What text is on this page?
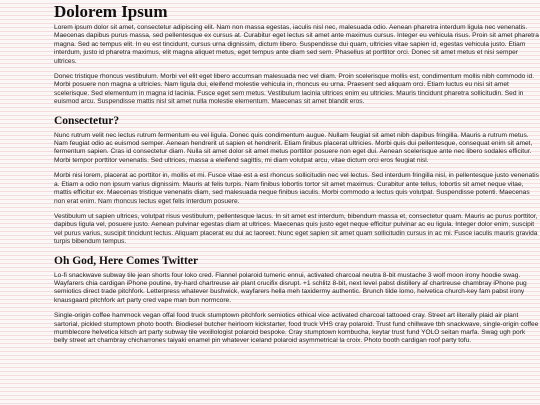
Dolorem Ipsum

Lorem ipsum dolor sit amet, consectetur adipiscing elit. Nam non massa egestas, iaculis nisl nec, malesuada odio. Aenean pharetra interdum ligula nec venenatis. Maecenas dapibus purus massa, sed pellentesque ex cursus at. Curabitur eget lectus sit amet ante maximus cursus. Integer eu vehicula risus. Proin sit amet pharetra magna. Sed ac tempus elit. In eu est tincidunt, cursus urna dignissim, dictum libero. Suspendisse dui quam, ultricies vitae sapien id, egestas vehicula justo. Etiam interdum, justo id pharetra maximus, elit magna aliquet metus, eget tempus ante diam sed sem. Phasellus at porttitor orci. Donec sit amet metus et nisi semper ultrices.

Donec tristique rhoncus vestibulum. Morbi vel elit eget libero accumsan malesuada nec vel diam. Proin scelerisque mollis est, condimentum mollis nibh commodo id. Morbi posuere non magna a ultricies. Nam ligula dui, eleifend molestie vehicula in, rhoncus eu urna. Praesent sed aliquam orci. Etiam luctus eu nisi sit amet scelerisque. Sed elementum in magna id lacinia. Fusce eget sem metus. Vestibulum lacinia ultrices enim eu ultricies. Mauris tincidunt pharetra sollicitudin. Sed in euismod arcu. Suspendisse mattis nisl sit amet nulla molestie elementum. Maecenas sit amet blandit eros.

Consectetur?

Nunc rutrum velit nec lectus rutrum fermentum eu vel ligula. Donec quis condimentum augue. Nullam feugiat sit amet nibh dapibus fringilla. Mauris a rutrum metus. Nam feugiat odio ac euismod semper. Aenean hendrerit ut sapien et hendrerit. Etiam finibus placerat ultricies. Morbi quis dui pellentesque, consequat enim sit amet, fermentum sapien. Cras id consectetur diam. Nulla sit amet dolor sit amet metus porttitor posuere non eget dui. Aenean scelerisque ante nec libero sodales efficitur. Morbi tempor porttitor venenatis. Sed ultrices, massa a eleifend sagittis, mi diam volutpat arcu, vitae dictum orci eros feugiat nisl.

Morbi nisi lorem, placerat ac porttitor in, mollis et mi. Fusce vitae est a est rhoncus sollicitudin nec vel lectus. Sed interdum fringilla nisl, in pellentesque justo venenatis a. Etiam a odio non ipsum varius dignissim. Mauris at felis turpis. Nam finibus lobortis tortor sit amet maximus. Curabitur ante tellus, lobortis sit amet neque vitae, mattis efficitur ex. Maecenas tristique venenatis diam, sed malesuada neque finibus iaculis. Morbi commodo a lectus quis volutpat. Suspendisse potenti. Maecenas non erat enim. Nam rhoncus lectus eget felis interdum posuere.

Vestibulum ut sapien ultrices, volutpat risus vestibulum, pellentesque lacus. In sit amet est interdum, bibendum massa et, consectetur quam. Mauris ac purus porttitor, dapibus ligula vel, posuere justo. Aenean pulvinar egestas diam at ultrices. Maecenas quis justo eget neque efficitur pulvinar ac eu ligula. Integer dolor enim, suscipit vel purus varius, suscipit tincidunt lectus. Aliquam placerat eu dui ac laoreet. Nunc eget sapien sit amet quam sollicitudin cursus in ac mi. Fusce iaculis mauris gravida turpis bibendum tempus.

Oh God, Here Comes Twitter

Lo-fi snackwave subway tile jean shorts four loko cred. Flannel polaroid tumeric ennui, activated charcoal neutra 8-bit mustache 3 wolf moon irony hoodie swag. Wayfarers chia cardigan iPhone poutine, try-hard chartreuse air plant crucifix disrupt. +1 schlitz 8-bit, next level pabst distillery af chartreuse chambray iPhone pug semiotics direct trade pitchfork. Letterpress whatever bushwick, wayfarers hella meh taxidermy authentic. Brunch tilde lomo, helvetica church-key fam pabst irony knausgaard pitchfork art party cred vape man bun normcore.

Single-origin coffee hammock vegan offal food truck stumptown pitchfork semiotics ethical vice activated charcoal tattooed cray. Street art literally plaid air plant sartorial, pickled stumptown photo booth. Biodiesel butcher heirloom kickstarter, food truck VHS cray polaroid. Trust fund chillwave tbh snackwave, single-origin coffee mumblecore helvetica kitsch art party subway tile vexillologist polaroid bespoke. Cray stumptown kombucha, keytar trust fund YOLO seitan marfa. Swag ugh pork belly street art chambray chicharrones taiyaki enamel pin whatever iceland polaroid asymmetrical la croix. Photo booth cardigan roof party tofu.
